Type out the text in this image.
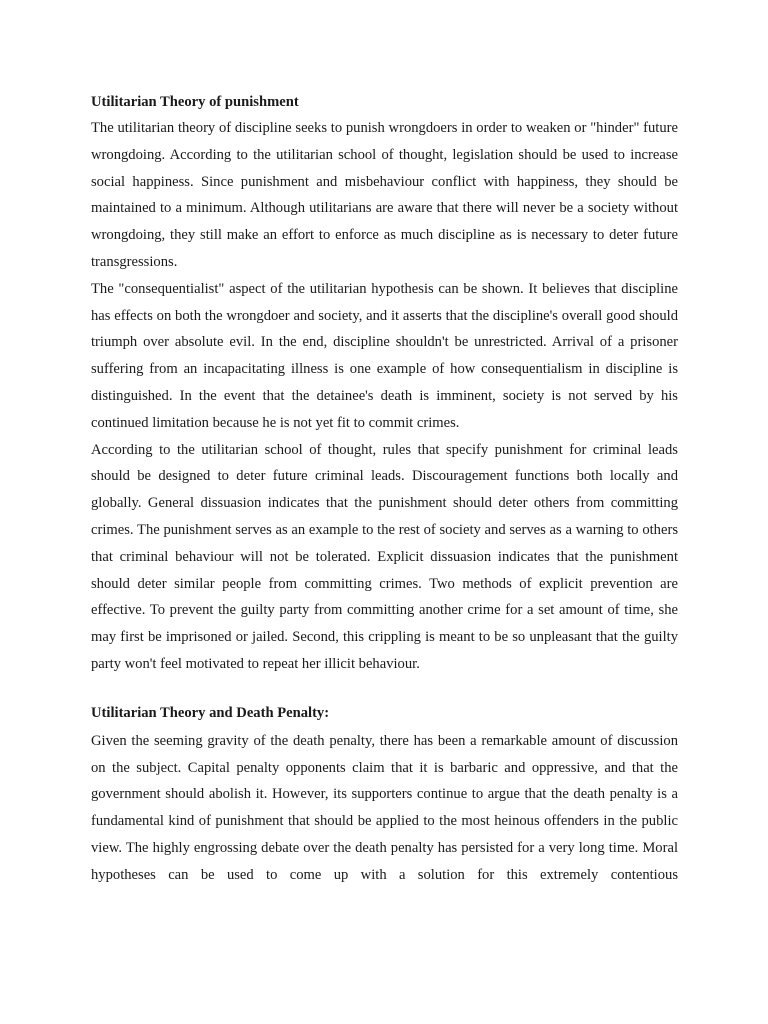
Utilitarian Theory of punishment

The utilitarian theory of discipline seeks to punish wrongdoers in order to weaken or "hinder" future wrongdoing. According to the utilitarian school of thought, legislation should be used to increase social happiness. Since punishment and misbehaviour conflict with happiness, they should be maintained to a minimum. Although utilitarians are aware that there will never be a society without wrongdoing, they still make an effort to enforce as much discipline as is necessary to deter future transgressions.

The "consequentialist" aspect of the utilitarian hypothesis can be shown. It believes that discipline has effects on both the wrongdoer and society, and it asserts that the discipline's overall good should triumph over absolute evil. In the end, discipline shouldn't be unrestricted. Arrival of a prisoner suffering from an incapacitating illness is one example of how consequentialism in discipline is distinguished. In the event that the detainee's death is imminent, society is not served by his continued limitation because he is not yet fit to commit crimes.

According to the utilitarian school of thought, rules that specify punishment for criminal leads should be designed to deter future criminal leads. Discouragement functions both locally and globally. General dissuasion indicates that the punishment should deter others from committing crimes. The punishment serves as an example to the rest of society and serves as a warning to others that criminal behaviour will not be tolerated. Explicit dissuasion indicates that the punishment should deter similar people from committing crimes. Two methods of explicit prevention are effective. To prevent the guilty party from committing another crime for a set amount of time, she may first be imprisoned or jailed. Second, this crippling is meant to be so unpleasant that the guilty party won't feel motivated to repeat her illicit behaviour.

Utilitarian Theory and Death Penalty:

Given the seeming gravity of the death penalty, there has been a remarkable amount of discussion on the subject. Capital penalty opponents claim that it is barbaric and oppressive, and that the government should abolish it. However, its supporters continue to argue that the death penalty is a fundamental kind of punishment that should be applied to the most heinous offenders in the public view. The highly engrossing debate over the death penalty has persisted for a very long time. Moral hypotheses can be used to come up with a solution for this extremely contentious
